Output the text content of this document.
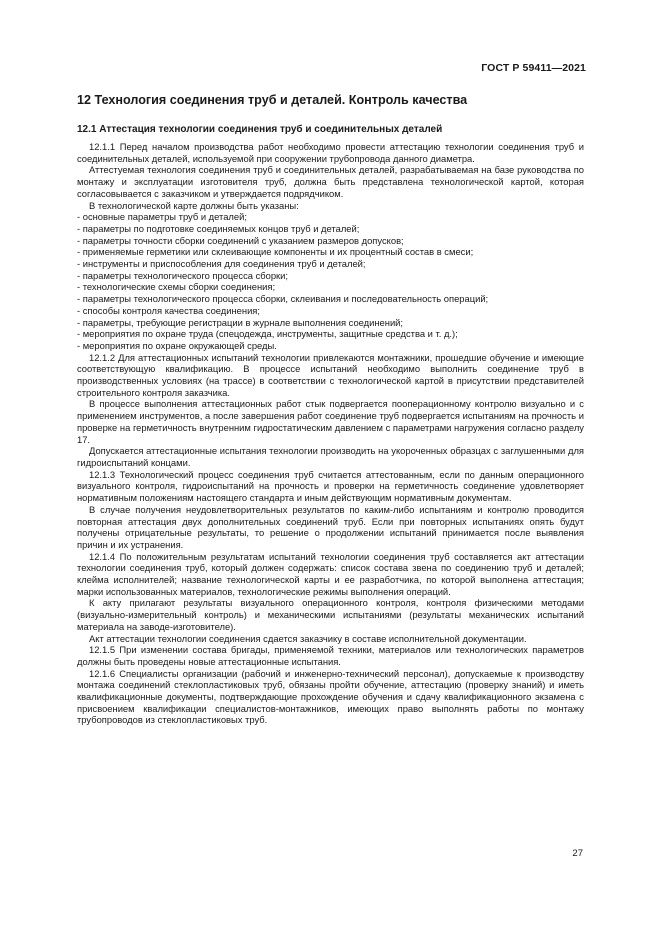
ГОСТ Р 59411—2021
12 Технология соединения труб и деталей. Контроль качества
12.1 Аттестация технологии соединения труб и соединительных деталей

12.1.1 Перед началом производства работ необходимо провести аттестацию технологии соединения труб и соединительных деталей, используемой при сооружении трубопровода данного диаметра.

Аттестуемая технология соединения труб и соединительных деталей, разрабатываемая на базе руководства по монтажу и эксплуатации изготовителя труб, должна быть представлена технологической картой, которая согласовывается с заказчиком и утверждается подрядчиком.

В технологической карте должны быть указаны:

- основные параметры труб и деталей;

- параметры по подготовке соединяемых концов труб и деталей;

- параметры точности сборки соединений с указанием размеров допусков;

- применяемые герметики или склеивающие компоненты и их процентный состав в смеси;

- инструменты и приспособления для соединения труб и деталей;

- параметры технологического процесса сборки;

- технологические схемы сборки соединения;

- параметры технологического процесса сборки, склеивания и последовательность операций;

- способы контроля качества соединения;

- параметры, требующие регистрации в журнале выполнения соединений;

- мероприятия по охране труда (спецодежда, инструменты, защитные средства и т. д.);

- мероприятия по охране окружающей среды.

12.1.2 Для аттестационных испытаний технологии привлекаются монтажники, прошедшие обучение и имеющие соответствующую квалификацию. В процессе испытаний необходимо выполнить соединение труб в производственных условиях (на трассе) в соответствии с технологической картой в присутствии представителей строительного контроля заказчика.

В процессе выполнения аттестационных работ стык подвергается пооперационному контролю визуально и с применением инструментов, а после завершения работ соединение труб подвергается испытаниям на прочность и проверке на герметичность внутренним гидростатическим давлением с параметрами нагружения согласно разделу 17.

Допускается аттестационные испытания технологии производить на укороченных образцах с заглушенными для гидроиспытаний концами.

12.1.3 Технологический процесс соединения труб считается аттестованным, если по данным операционного визуального контроля, гидроиспытаний на прочность и проверки на герметичность соединение удовлетворяет нормативным положениям настоящего стандарта и иным действующим нормативным документам.

В случае получения неудовлетворительных результатов по каким-либо испытаниям и контролю проводится повторная аттестация двух дополнительных соединений труб. Если при повторных испытаниях опять будут получены отрицательные результаты, то решение о продолжении испытаний принимается после выявления причин и их устранения.

12.1.4 По положительным результатам испытаний технологии соединения труб составляется акт аттестации технологии соединения труб, который должен содержать: список состава звена по соединению труб и деталей; клейма исполнителей; название технологической карты и ее разработчика, по которой выполнена аттестация; марки использованных материалов, технологические режимы выполнения операций.

К акту прилагают результаты визуального операционного контроля, контроля физическими методами (визуально-измерительный контроль) и механическими испытаниями (результаты механических испытаний материала на заводе-изготовителе).

Акт аттестации технологии соединения сдается заказчику в составе исполнительной документации.

12.1.5 При изменении состава бригады, применяемой техники, материалов или технологических параметров должны быть проведены новые аттестационные испытания.

12.1.6 Специалисты организации (рабочий и инженерно-технический персонал), допускаемые к производству монтажа соединений стеклопластиковых труб, обязаны пройти обучение, аттестацию (проверку знаний) и иметь квалификационные документы, подтверждающие прохождение обучения и сдачу квалификационного экзамена с присвоением квалификации специалистов-монтажников, имеющих право выполнять работы по монтажу трубопроводов из стеклопластиковых труб.

27
